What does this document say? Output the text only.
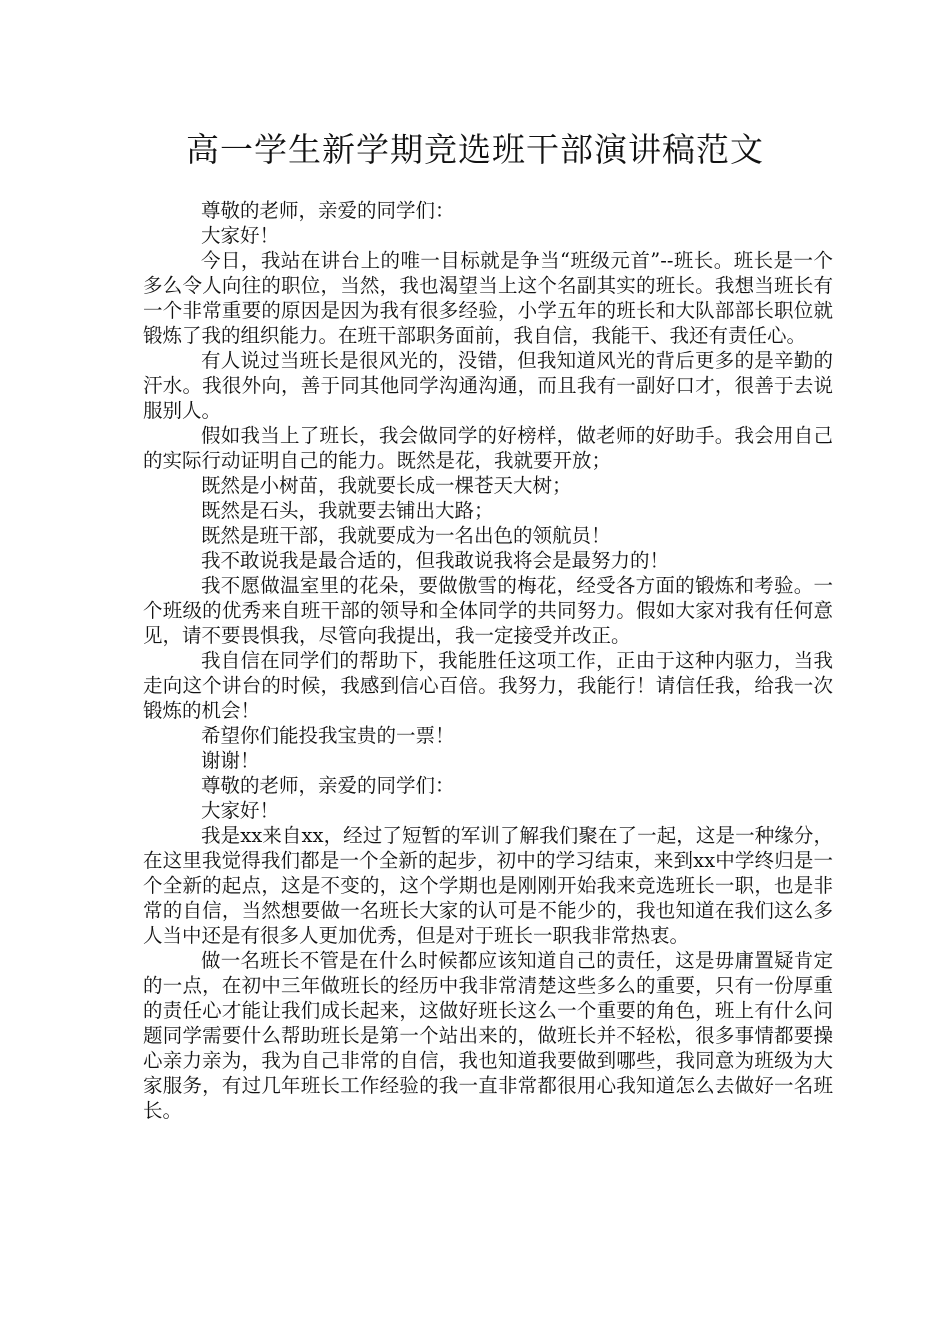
高一学生新学期竞选班干部演讲稿范文

尊敬的老师，亲爱的同学们：

大家好！

今日，我站在讲台上的唯一目标就是争当“班级元首”--班长。班长是一个多么令人向往的职位，当然，我也渴望当上这个名副其实的班长。我想当班长有一个非常重要的原因是因为我有很多经验，小学五年的班长和大队部部长职位就锻炼了我的组织能力。在班干部职务面前，我自信，我能干、我还有责任心。

有人说过当班长是很风光的，没错，但我知道风光的背后更多的是辛勤的汗水。我很外向，善于同其他同学沟通沟通，而且我有一副好口才，很善于去说服别人。

假如我当上了班长，我会做同学的好榜样，做老师的好助手。我会用自己的实际行动证明自己的能力。既然是花，我就要开放；

既然是小树苗，我就要长成一棵苍天大树；

既然是石头，我就要去铺出大路；

既然是班干部，我就要成为一名出色的领航员！

我不敢说我是最合适的，但我敢说我将会是最努力的！

我不愿做温室里的花朵，要做傲雪的梅花，经受各方面的锻炼和考验。一个班级的优秀来自班干部的领导和全体同学的共同努力。假如大家对我有任何意见，请不要畏惧我，尽管向我提出，我一定接受并改正。

我自信在同学们的帮助下，我能胜任这项工作，正由于这种内驱力，当我走向这个讲台的时候，我感到信心百倍。我努力，我能行！请信任我，给我一次锻炼的机会！

希望你们能投我宝贵的一票！

谢谢！

尊敬的老师，亲爱的同学们：

大家好！

我是xx来自xx，经过了短暂的军训了解我们聚在了一起，这是一种缘分，在这里我觉得我们都是一个全新的起步，初中的学习结束，来到xx中学终归是一个全新的起点，这是不变的，这个学期也是刚刚开始我来竞选班长一职，也是非常的自信，当然想要做一名班长大家的认可是不能少的，我也知道在我们这么多人当中还是有很多人更加优秀，但是对于班长一职我非常热衷。

做一名班长不管是在什么时候都应该知道自己的责任，这是毋庸置疑肯定的一点，在初中三年做班长的经历中我非常清楚这些多么的重要，只有一份厚重的责任心才能让我们成长起来，这做好班长这么一个重要的角色，班上有什么问题同学需要什么帮助班长是第一个站出来的，做班长并不轻松，很多事情都要操心亲力亲为，我为自己非常的自信，我也知道我要做到哪些，我同意为班级为大家服务，有过几年班长工作经验的我一直非常都很用心我知道怎么去做好一名班长。
